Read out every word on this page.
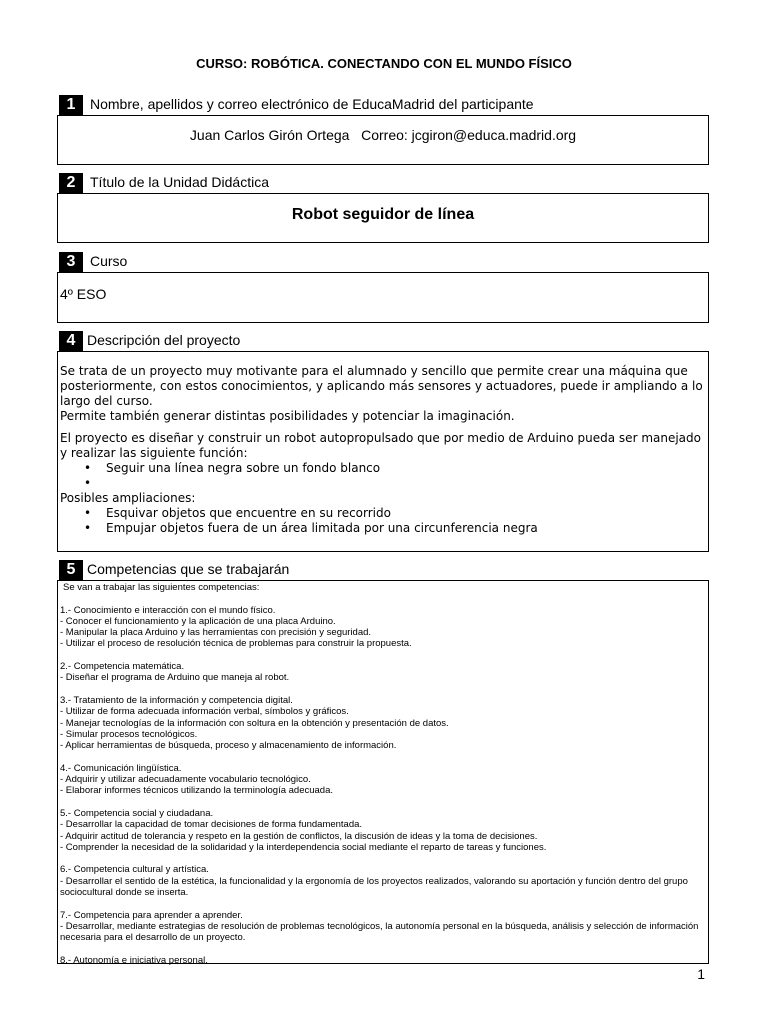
CURSO: ROBÓTICA. CONECTANDO CON EL MUNDO FÍSICO
1	Nombre, apellidos y correo electrónico de EducaMadrid del participante
Juan Carlos Girón Ortega   Correo: jcgiron@educa.madrid.org
2	Título de la Unidad Didáctica
Robot seguidor de línea
3	Curso
4º ESO
4 Descripción del proyecto

Se trata de un proyecto muy motivante para el alumnado y sencillo que permite crear una máquina que posteriormente, con estos conocimientos, y aplicando más sensores y actuadores, puede ir ampliando a lo largo del curso.

Permite también generar distintas posibilidades y potenciar la imaginación.

El proyecto es diseñar y construir un robot autopropulsado que por medio de Arduino pueda ser manejado y realizar las siguiente función:

• Seguir una línea negra sobre un fondo blanco
•

Posibles ampliaciones:

• Esquivar objetos que encuentre en su recorrido
• Empujar objetos fuera de un área limitada por una circunferencia negra
5 Competencias que se trabajarán

Se van a trabajar las siguientes competencias:

1.- Conocimiento e interacción con el mundo físico.

- Conocer el funcionamiento y la aplicación de una placa Arduino.

- Manipular la placa Arduino y las herramientas con precisión y seguridad.

- Utilizar el proceso de resolución técnica de problemas para construir la propuesta.

2.- Competencia matemática.

- Diseñar el programa de Arduino que maneja al robot.

3.- Tratamiento de la información y competencia digital.

- Utilizar de forma adecuada información verbal, símbolos y gráficos.

- Manejar tecnologías de la información con soltura en la obtención y presentación de datos.

- Simular procesos tecnológicos.

- Aplicar herramientas de búsqueda, proceso y almacenamiento de información.

4.- Comunicación lingüística.

- Adquirir y utilizar adecuadamente vocabulario tecnológico.

- Elaborar informes técnicos utilizando la terminología adecuada.

5.- Competencia social y ciudadana.

- Desarrollar la capacidad de tomar decisiones de forma fundamentada.

- Adquirir actitud de tolerancia y respeto en la gestión de conflictos, la discusión de ideas y la toma de decisiones.

- Comprender la necesidad de la solidaridad y la interdependencia social mediante el reparto de tareas y funciones.

6.- Competencia cultural y artística.

- Desarrollar el sentido de la estética, la funcionalidad y la ergonomía de los proyectos realizados, valorando su aportación y función dentro del grupo sociocultural donde se inserta.

7.- Competencia para aprender a aprender.

- Desarrollar, mediante estrategias de resolución de problemas tecnológicos, la autonomía personal en la búsqueda, análisis y selección de información necesaria para el desarrollo de un proyecto.

8.- Autonomía e iniciativa personal.

1
